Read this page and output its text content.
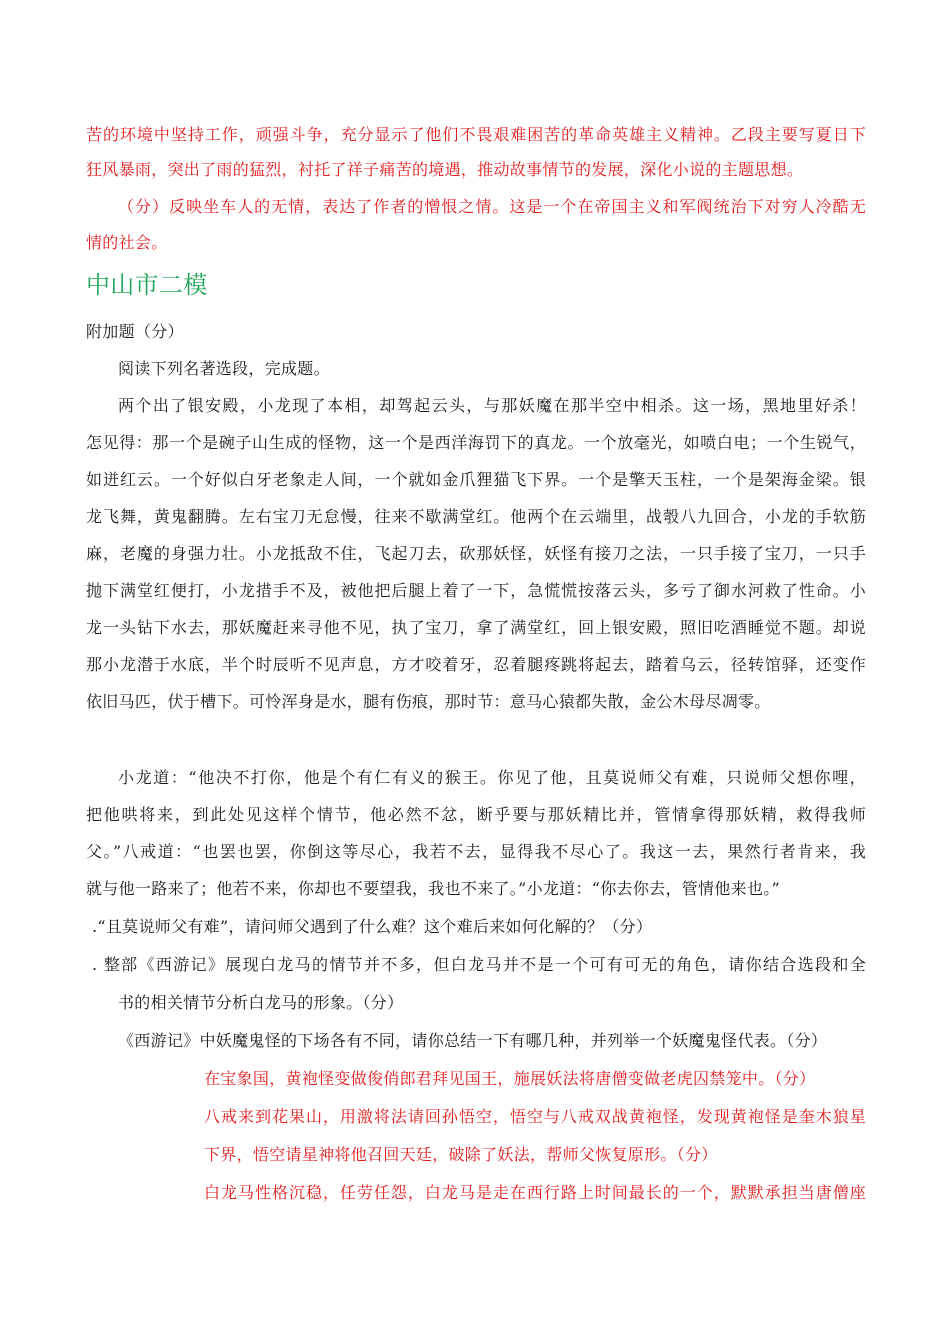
苦的环境中坚持工作，顽强斗争，充分显示了他们不畏艰难困苦的革命英雄主义精神。乙段主要写夏日下
狂风暴雨，突出了雨的猛烈，衬托了祥子痛苦的境遇，推动故事情节的发展，深化小说的主题思想。
（分）反映坐车人的无情，表达了作者的憎恨之情。这是一个在帝国主义和军阀统治下对穷人冷酷无
情的社会。
中山市二模
附加题（分）
阅读下列名著选段，完成题。
两个出了银安殿，小龙现了本相，却驾起云头，与那妖魔在那半空中相杀。这一场，黑地里好杀！
怎见得：那一个是碗子山生成的怪物，这一个是西洋海罚下的真龙。一个放毫光，如喷白电；一个生锐气，
如迸红云。一个好似白牙老象走人间，一个就如金爪狸猫飞下界。一个是擎天玉柱，一个是架海金梁。银
龙飞舞，黄鬼翻腾。左右宝刀无怠慢，往来不歇满堂红。他两个在云端里，战彀八九回合，小龙的手软筋
麻，老魔的身强力壮。小龙抵敌不住，飞起刀去，砍那妖怪，妖怪有接刀之法，一只手接了宝刀，一只手
抛下满堂红便打，小龙措手不及，被他把后腿上着了一下，急慌慌按落云头，多亏了御水河救了性命。小
龙一头钻下水去，那妖魔赶来寻他不见，执了宝刀，拿了满堂红，回上银安殿，照旧吃酒睡觉不题。却说
那小龙潜于水底，半个时辰听不见声息，方才咬着牙，忍着腿疼跳将起去，踏着乌云，径转馆驿，还变作
依旧马匹，伏于槽下。可怜浑身是水，腿有伤痕，那时节：意马心猿都失散，金公木母尽凋零。
小龙道：“他决不打你，他是个有仁有义的猴王。你见了他，且莫说师父有难，只说师父想你哩，
把他哄将来，到此处见这样个情节，他必然不忿，断乎要与那妖精比并，管情拿得那妖精，救得我师
父。”八戒道：“也罢也罢，你倒这等尽心，我若不去，显得我不尽心了。我这一去，果然行者肯来，我
就与他一路来了；他若不来，你却也不要望我，我也不来了。”小龙道：“你去你去，管情他来也。”
.“且莫说师父有难”，请问师父遇到了什么难？这个难后来如何化解的？（分）
. 整部《西游记》展现白龙马的情节并不多，但白龙马并不是一个可有可无的角色，请你结合选段和全
书的相关情节分析白龙马的形象。（分）
《西游记》中妖魔鬼怪的下场各有不同，请你总结一下有哪几种，并列举一个妖魔鬼怪代表。（分）
在宝象国，黄袍怪变做俊俏郎君拜见国王，施展妖法将唐僧变做老虎囚禁笼中。（分）
八戒来到花果山，用激将法请回孙悟空，悟空与八戒双战黄袍怪，发现黄袍怪是奎木狼星
下界，悟空请星神将他召回天廷，破除了妖法，帮师父恢复原形。（分）
白龙马性格沉稳，任劳任怨，白龙马是走在西行路上时间最长的一个，默默承担当唐僧座
